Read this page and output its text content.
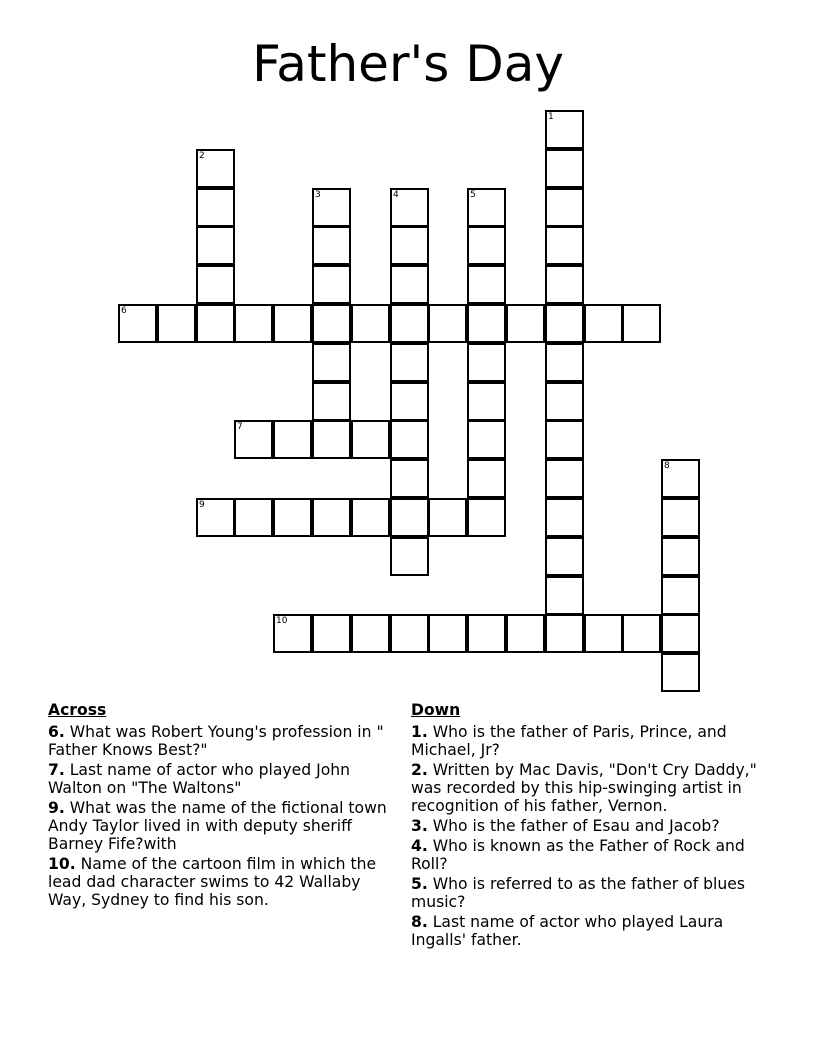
Father's Day
1
2
3	4	5
6
7
8
9
10
Across
6. What was Robert Young's profession in " Father Knows Best?"
7. Last name of actor who played John Walton on "The Waltons"
9. What was the name of the fictional town Andy Taylor lived in with deputy sheriff Barney Fife?with
10. Name of the cartoon film in which the lead dad character swims to 42 Wallaby Way, Sydney to find his son.
Down
1. Who is the father of Paris, Prince, and Michael, Jr?
2. Written by Mac Davis, "Don't Cry Daddy," was recorded by this hip-swinging artist in recognition of his father, Vernon.
3. Who is the father of Esau and Jacob?
4. Who is known as the Father of Rock and Roll?
5. Who is referred to as the father of blues music?
8. Last name of actor who played Laura Ingalls' father.
